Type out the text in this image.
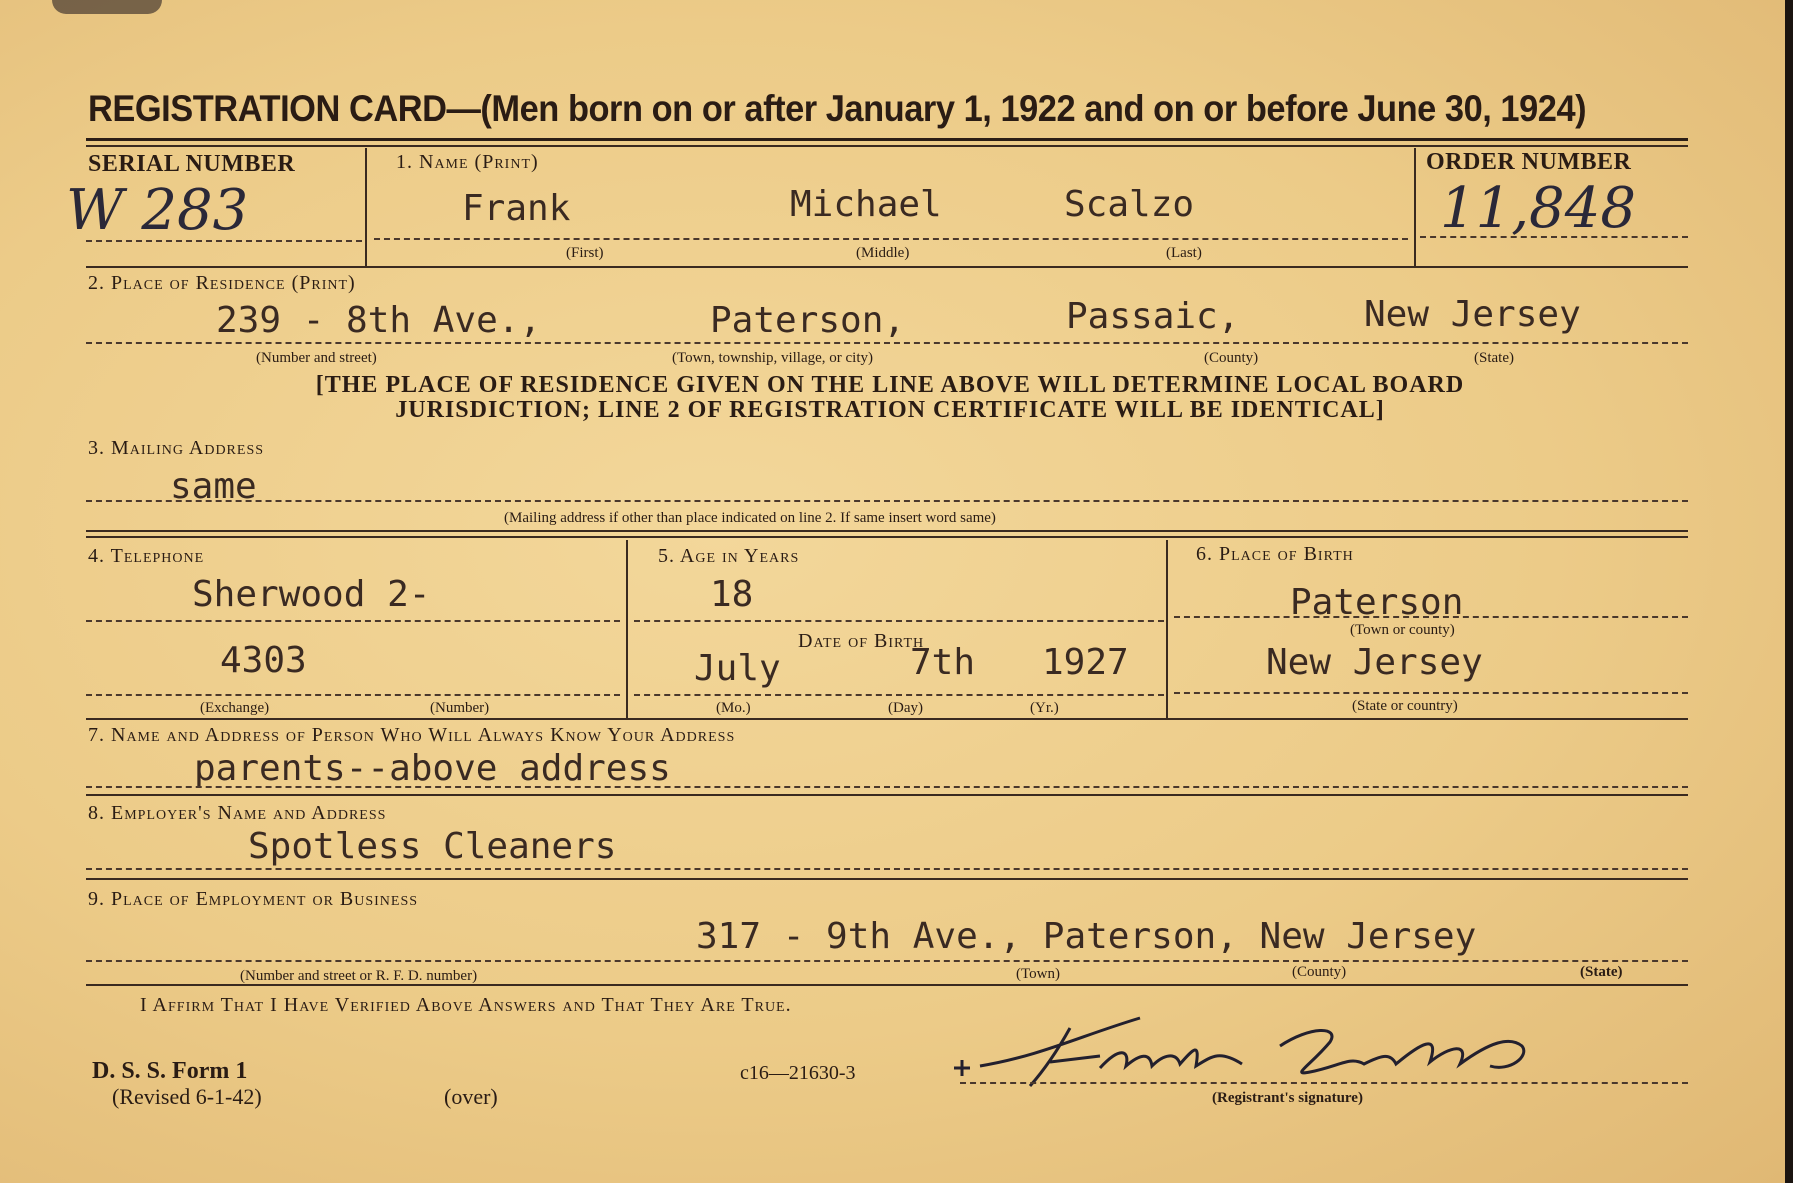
REGISTRATION CARD—(Men born on or after January 1, 1922 and on or before June 30, 1924)
SERIAL NUMBER
W 283
1. Name (Print)
Frank	Michael	Scalzo
(First)	(Middle)	(Last)
ORDER NUMBER
11,848
2. Place of Residence (Print)
239 - 8th Ave.,	Paterson,	Passaic,	New Jersey
(Number and street)	(Town, township, village, or city)	(County)	(State)
[THE PLACE OF RESIDENCE GIVEN ON THE LINE ABOVE WILL DETERMINE LOCAL BOARD
JURISDICTION; LINE 2 OF REGISTRATION CERTIFICATE WILL BE IDENTICAL]
3. Mailing Address
same
(Mailing address if other than place indicated on line 2. If same insert word same)
4. Telephone
Sherwood 2-
4303
(Exchange)	(Number)
5. Age in Years
18
Date of Birth
July	7th 1927
(Mo.)	(Day)	(Yr.)
6. Place of Birth
Paterson
(Town or county)
New Jersey
(State or country)
7. Name and Address of Person Who Will Always Know Your Address
parents--above address
8. Employer's Name and Address
Spotless Cleaners
9. Place of Employment or Business
317 - 9th Ave., Paterson, New Jersey
(Number and street or R. F. D. number)	(Town)	(County)	(State)
I Affirm That I Have Verified Above Answers and That They Are True.
D. S. S. Form 1
(Revised 6-1-42)	(over)
c16—21630-3
(Registrant's signature)
